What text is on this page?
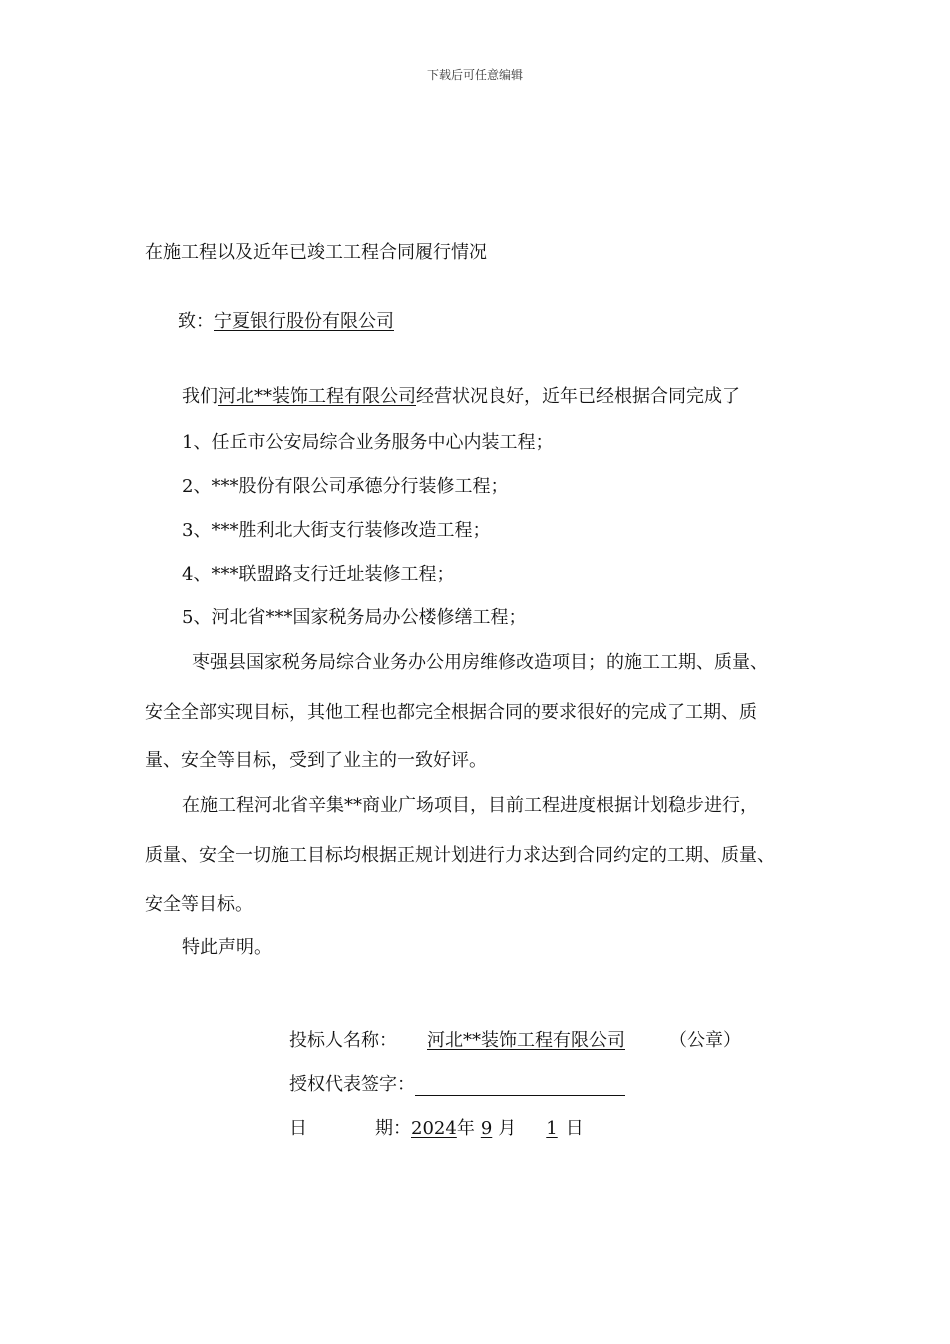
下载后可任意编辑
在施工程以及近年已竣工工程合同履行情况
致：宁夏银行股份有限公司
我们河北**装饰工程有限公司经营状况良好，近年已经根据合同完成了
1、任丘市公安局综合业务服务中心内装工程；
2、***股份有限公司承德分行装修工程；
3、***胜利北大街支行装修改造工程；
4、***联盟路支行迁址装修工程；
5、河北省***国家税务局办公楼修缮工程；
枣强县国家税务局综合业务办公用房维修改造项目；的施工工期、质量、
安全全部实现目标，其他工程也都完全根据合同的要求很好的完成了工期、质
量、安全等目标，受到了业主的一致好评。
在施工程河北省辛集**商业广场项目，目前工程进度根据计划稳步进行，
质量、安全一切施工目标均根据正规计划进行力求达到合同约定的工期、质量、
安全等目标。
特此声明。
投标人名称： 河北**装饰工程有限公司 （公章）
授权代表签字：
日	期：2024年 9 月 1 日
